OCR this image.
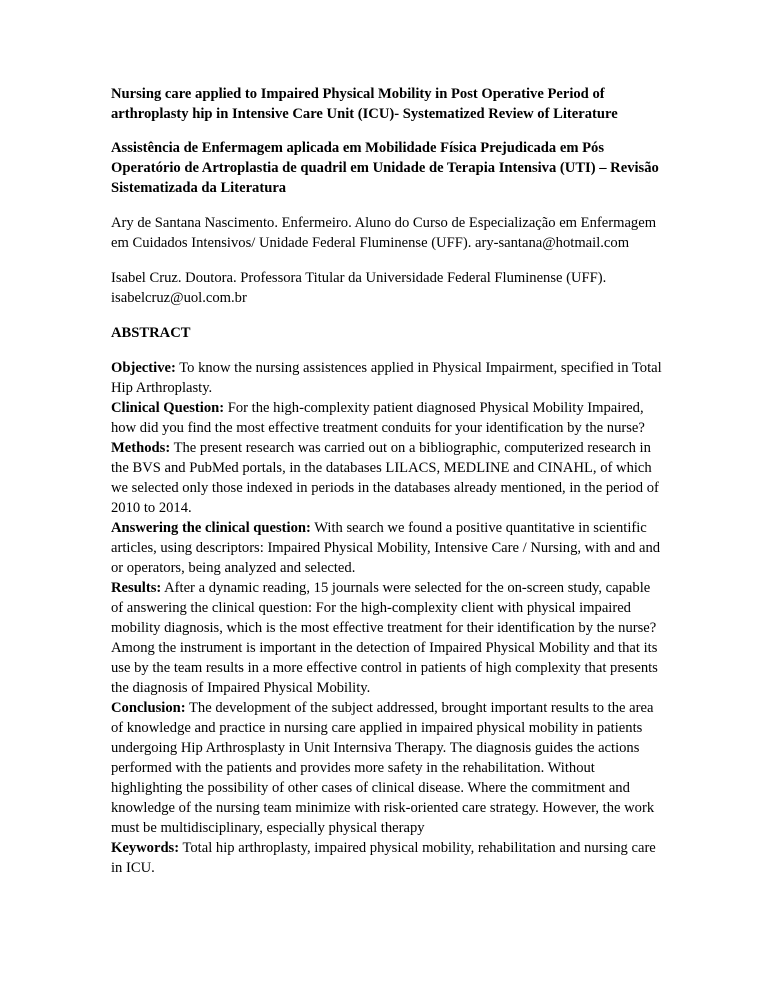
Nursing care applied to Impaired Physical Mobility in Post Operative Period of arthroplasty hip in Intensive Care Unit (ICU)- Systematized Review of Literature

Assistência de Enfermagem aplicada em Mobilidade Física Prejudicada em Pós Operatório de Artroplastia de quadril em Unidade de Terapia Intensiva (UTI) – Revisão Sistematizada da Literatura

Ary de Santana Nascimento. Enfermeiro. Aluno do Curso de Especialização em Enfermagem em Cuidados Intensivos/ Unidade Federal Fluminense (UFF). ary-santana@hotmail.com

Isabel Cruz. Doutora. Professora Titular da Universidade Federal Fluminense (UFF). isabelcruz@uol.com.br

ABSTRACT

Objective: To know the nursing assistences applied in Physical Impairment, specified in Total Hip Arthroplasty.

Clinical Question: For the high-complexity patient diagnosed Physical Mobility Impaired, how did you find the most effective treatment conduits for your identification by the nurse?

Methods: The present research was carried out on a bibliographic, computerized research in the BVS and PubMed portals, in the databases LILACS, MEDLINE and CINAHL, of which we selected only those indexed in periods in the databases already mentioned, in the period of 2010 to 2014.

Answering the clinical question: With search we found a positive quantitative in scientific articles, using descriptors: Impaired Physical Mobility, Intensive Care / Nursing, with and and or operators, being analyzed and selected.

Results: After a dynamic reading, 15 journals were selected for the on-screen study, capable of answering the clinical question: For the high-complexity client with physical impaired mobility diagnosis, which is the most effective treatment for their identification by the nurse? Among the instrument is important in the detection of Impaired Physical Mobility and that its use by the team results in a more effective control in patients of high complexity that presents the diagnosis of Impaired Physical Mobility.

Conclusion: The development of the subject addressed, brought important results to the area of knowledge and practice in nursing care applied in impaired physical mobility in patients undergoing Hip Arthrosplasty in Unit Internsiva Therapy. The diagnosis guides the actions performed with the patients and provides more safety in the rehabilitation. Without highlighting the possibility of other cases of clinical disease. Where the commitment and knowledge of the nursing team minimize with risk-oriented care strategy. However, the work must be multidisciplinary, especially physical therapy

Keywords: Total hip arthroplasty, impaired physical mobility, rehabilitation and nursing care in ICU.
